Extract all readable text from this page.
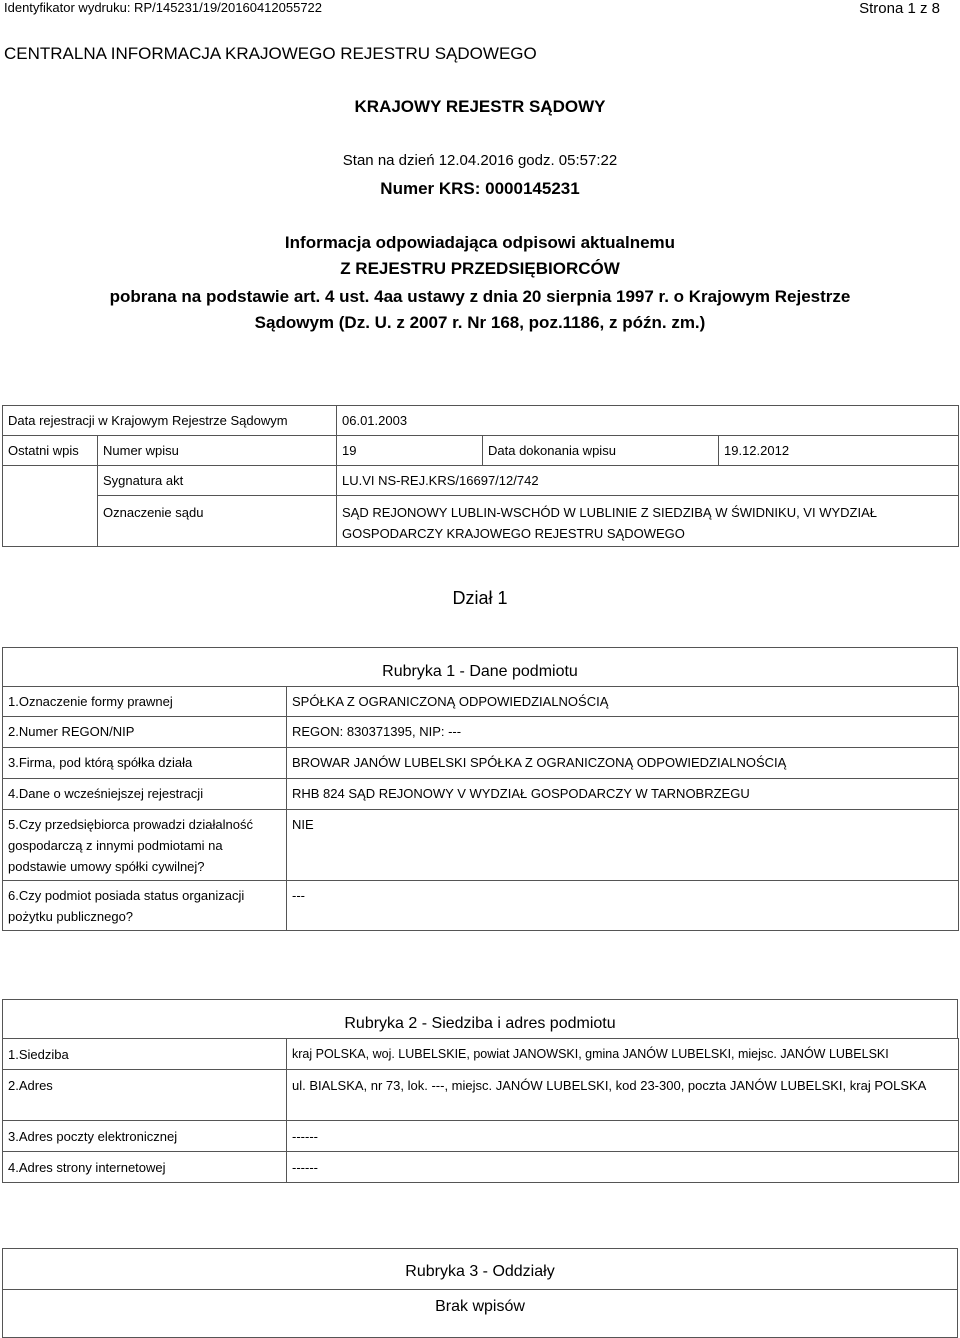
Identyfikator wydruku: RP/145231/19/20160412055722	Strona 1 z 8
CENTRALNA INFORMACJA KRAJOWEGO REJESTRU SĄDOWEGO
KRAJOWY REJESTR SĄDOWY
Stan na dzień 12.04.2016 godz. 05:57:22
Numer KRS: 0000145231
Informacja odpowiadająca odpisowi aktualnemu
Z REJESTRU PRZEDSIĘBIORCÓW
pobrana na podstawie art. 4 ust. 4aa ustawy z dnia 20 sierpnia 1997 r. o Krajowym Rejestrze
Sądowym (Dz. U. z 2007 r. Nr 168, poz.1186, z późn. zm.)
Data rejestracji w Krajowym Rejestrze Sądowym		06.01.2003		
Ostatni wpis	Numer wpisu	19	Data dokonania wpisu	19.12.2012
	Sygnatura akt	LU.VI NS-REJ.KRS/16697/12/742		
	Oznaczenie sądu	SĄD REJONOWY LUBLIN-WSCHÓD W LUBLINIE Z SIEDZIBĄ W ŚWIDNIKU, VI WYDZIAŁ GOSPODARCZY KRAJOWEGO REJESTRU SĄDOWEGO		
Dział 1
Rubryka 1 - Dane podmiotu
1.Oznaczenie formy prawnej	SPÓŁKA Z OGRANICZONĄ ODPOWIEDZIALNOŚCIĄ
2.Numer REGON/NIP	REGON: 830371395, NIP: ---
3.Firma, pod którą spółka działa	BROWAR JANÓW LUBELSKI SPÓŁKA Z OGRANICZONĄ ODPOWIEDZIALNOŚCIĄ
4.Dane o wcześniejszej rejestracji	RHB 824 SĄD REJONOWY V WYDZIAŁ GOSPODARCZY W TARNOBRZEGU
5.Czy przedsiębiorca prowadzi działalność gospodarczą z innymi podmiotami na podstawie umowy spółki cywilnej?	NIE
6.Czy podmiot posiada status organizacji pożytku publicznego?	---
Rubryka 2 - Siedziba i adres podmiotu
1.Siedziba	kraj POLSKA, woj. LUBELSKIE, powiat JANOWSKI, gmina JANÓW LUBELSKI, miejsc. JANÓW LUBELSKI
2.Adres	ul. BIALSKA, nr 73, lok. ---, miejsc. JANÓW LUBELSKI, kod 23-300, poczta JANÓW LUBELSKI, kraj POLSKA
3.Adres poczty elektronicznej	------
4.Adres strony internetowej	------
Rubryka 3 - Oddziały
Brak wpisów
